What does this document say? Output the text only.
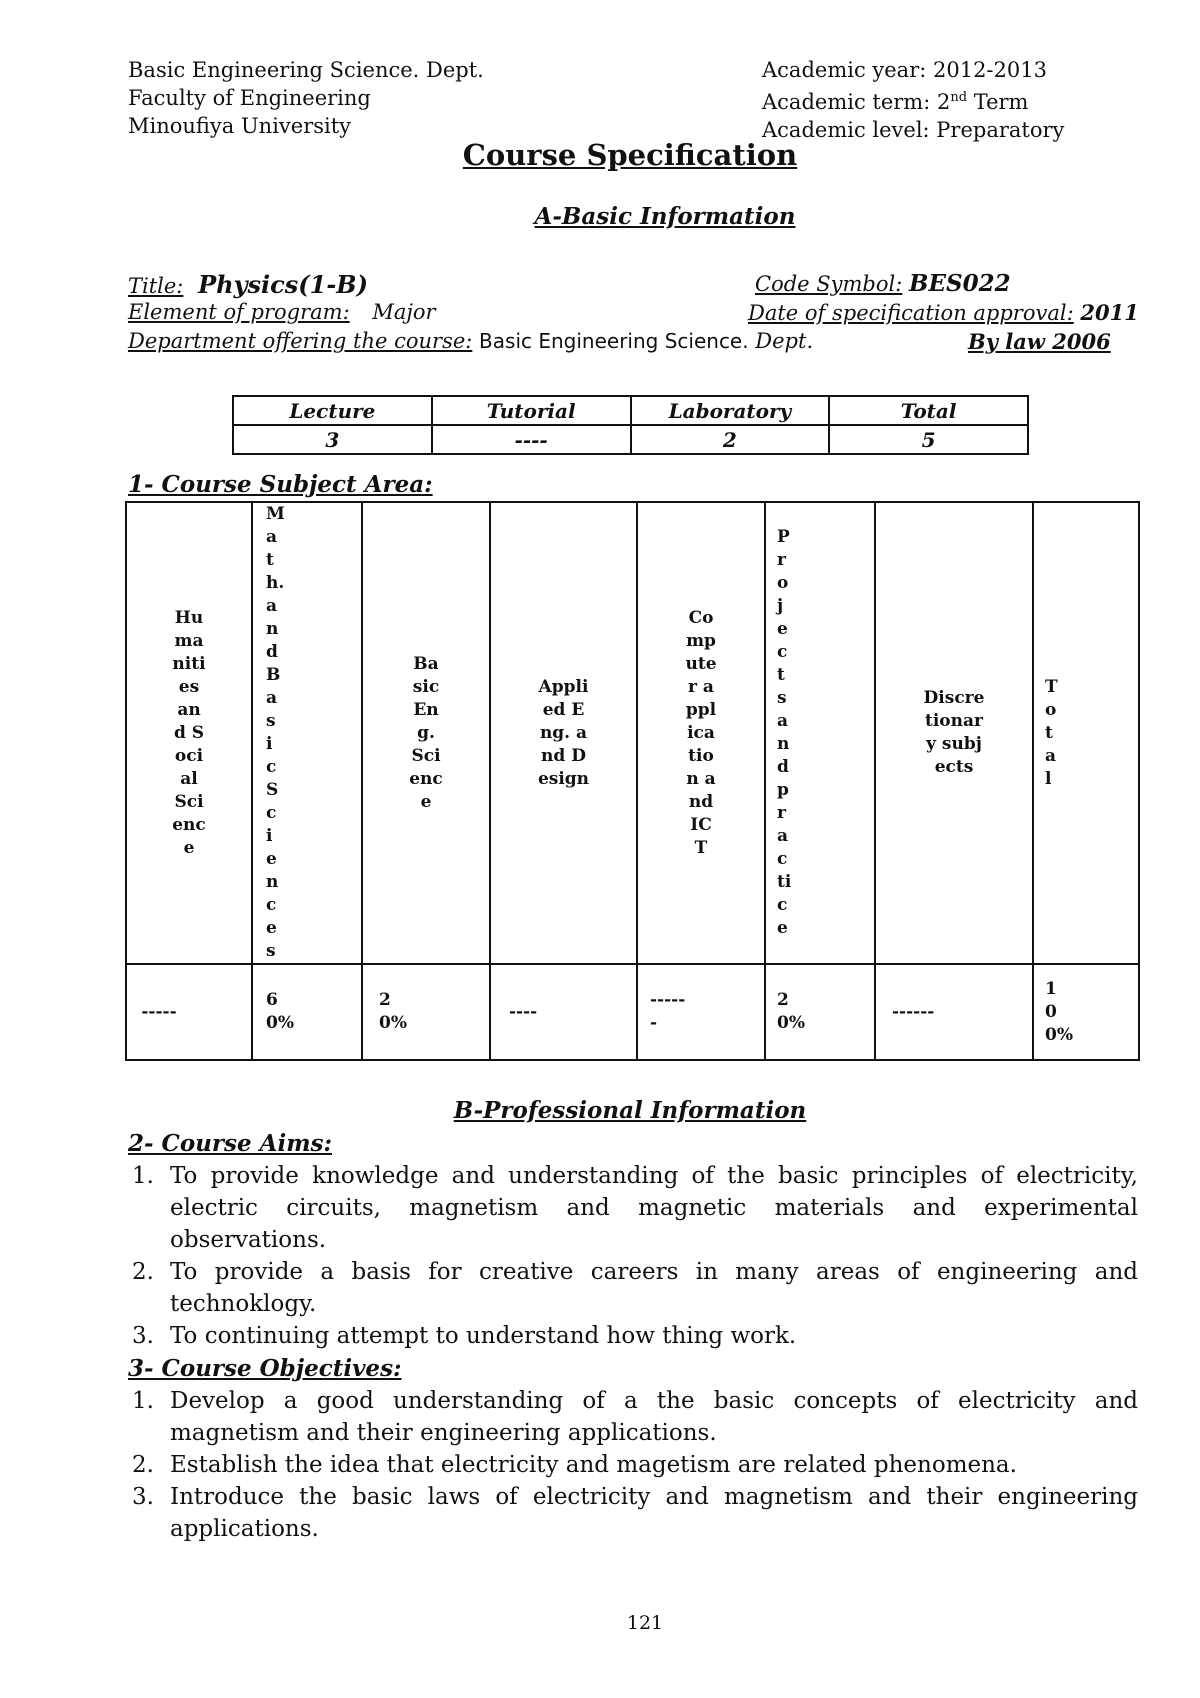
Basic Engineering Science. Dept.
Faculty of Engineering
Minoufiya University
Academic year: 2012-2013
Academic term: 2nd Term
Academic level: Preparatory
Course Specification
A-Basic Information
Title: Physics(1-B)	Code Symbol: BES022
Element of program: Major	Date of specification approval: 2011
Department offering the course: Basic Engineering Science. Dept.	By law 2006
Lecture	Tutorial	Laboratory	Total
3	----	2	5
1- Course Subject Area:
Humanities and Social Science	Math. and Basic Sciences	Basic Eng. Science	Applied Eng. and Design	Computer application and ICT	Projects and practice	Discretionary subjects	Total

-----	60%	20%	----	------	20%	------	100%
B-Professional Information
2- Course Aims:
1. To provide knowledge and understanding of the basic principles of electricity, electric circuits, magnetism and magnetic materials and experimental observations.
2. To provide a basis for creative careers in many areas of engineering and technoklogy.
3. To continuing attempt to understand how thing work.
3- Course Objectives:
1. Develop a good understanding of a the basic concepts of electricity and magnetism and their engineering applications.
2. Establish the idea that electricity and magetism are related phenomena.
3. Introduce the basic laws of electricity and magnetism and their engineering applications.
121
